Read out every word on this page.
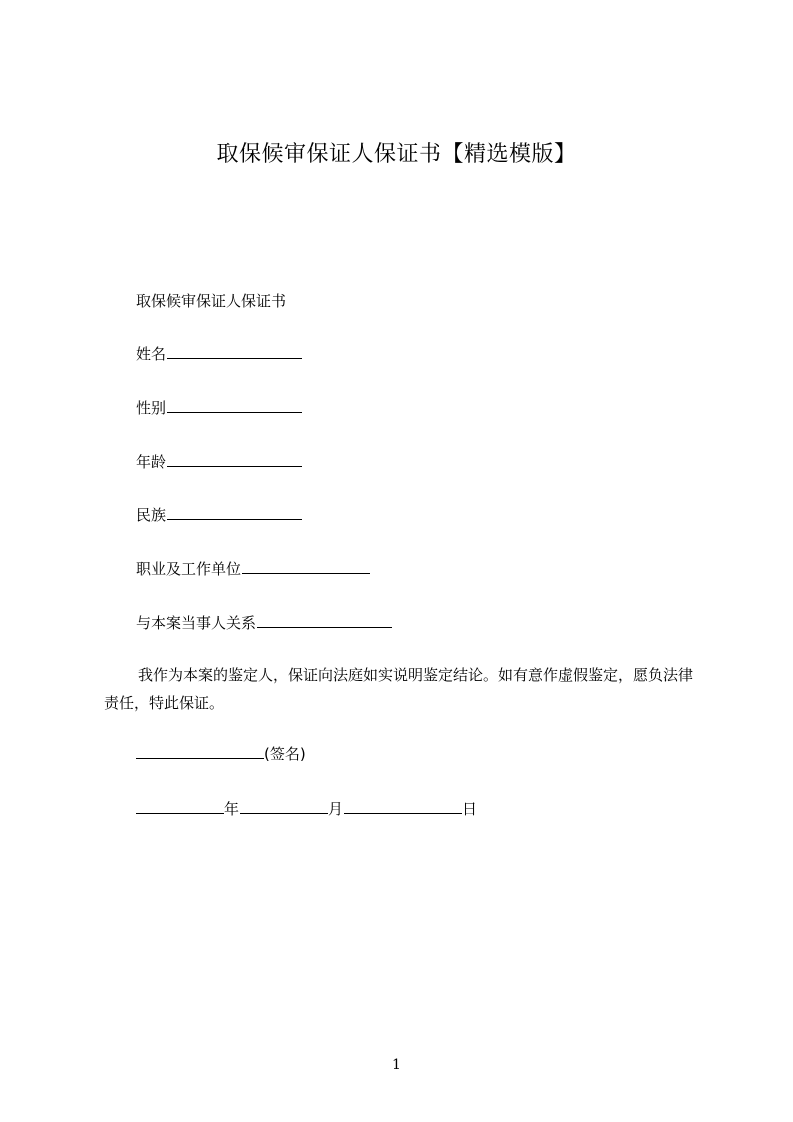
取保候审保证人保证书【精选模版】
取保候审保证人保证书
姓名
性别
年龄
民族
职业及工作单位
与本案当事人关系
我作为本案的鉴定人，保证向法庭如实说明鉴定结论。如有意作虚假鉴定，愿负法律责任，特此保证。
(签名)
年	月	日
1
